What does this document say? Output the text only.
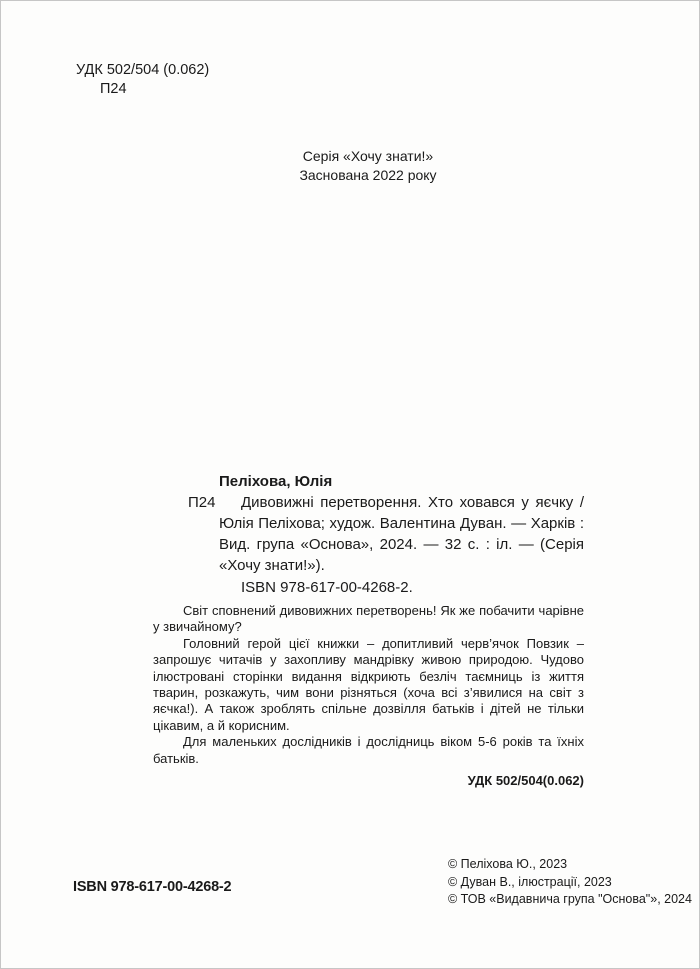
УДК 502/504 (0.062)
П24
Серія «Хочу знати!»
Заснована 2022 року
Пеліхова, Юлія
П24	Дивовижні перетворення. Хто ховався у яєчку / Юлія Пеліхова; худож. Валентина Дуван. — Харків : Вид. група «Основа», 2024. — 32 с. : іл. — (Серія «Хочу знати!»).

ISBN 978-617-00-4268-2.

Світ сповнений дивовижних перетворень! Як же побачити чарівне у звичайному?

Головний герой цієї книжки – допитливий черв’ячок Повзик – запрошує читачів у захопливу мандрівку живою природою. Чудово ілюстровані сторінки видання відкриють безліч таємниць із життя тварин, розкажуть, чим вони різняться (хоча всі з’явилися на світ з яєчка!). А також зроблять спільне дозвілля батьків і дітей не тільки цікавим, а й корисним.

Для маленьких дослідників і дослідниць віком 5-6 років та їхніх батьків.

УДК 502/504(0.062)
ISBN 978-617-00-4268-2
© Пеліхова Ю., 2023
© Дуван В., ілюстрації, 2023
© ТОВ «Видавнича група "Основа"», 2024
